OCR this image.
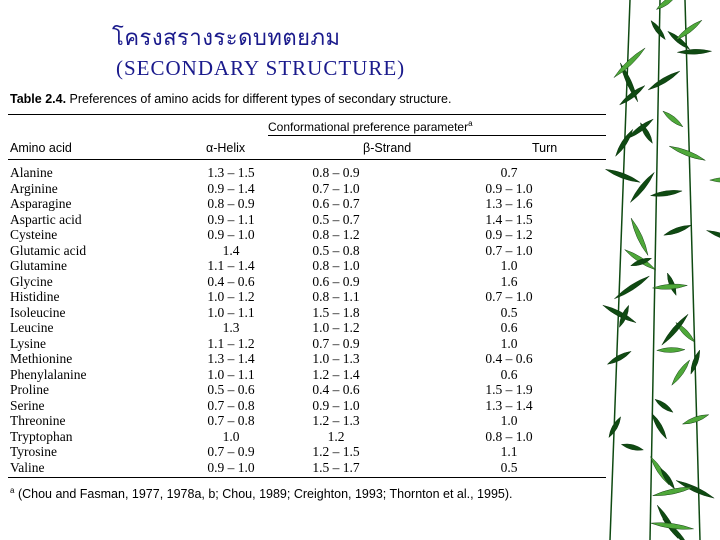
โครงสรางระดบทตยภม
(SECONDARY STRUCTURE)
Table 2.4. Preferences of amino acids for different types of secondary structure.
Conformational preference parameter$^a$
Amino acid	α-Helix	β-Strand	Turn
Alanine	1.3 – 1.5	0.8 – 0.9	0.7
Arginine	0.9 – 1.4	0.7 – 1.0	0.9 – 1.0
Asparagine	0.8 – 0.9	0.6 – 0.7	1.3 – 1.6
Aspartic acid	0.9 – 1.1	0.5 – 0.7	1.4 – 1.5
Cysteine	0.9 – 1.0	0.8 – 1.2	0.9 – 1.2
Glutamic acid	1.4	0.5 – 0.8	0.7 – 1.0
Glutamine	1.1 – 1.4	0.8 – 1.0	1.0
Glycine	0.4 – 0.6	0.6 – 0.9	1.6
Histidine	1.0 – 1.2	0.8 – 1.1	0.7 – 1.0
Isoleucine	1.0 – 1.1	1.5 – 1.8	0.5
Leucine	1.3	1.0 – 1.2	0.6
Lysine	1.1 – 1.2	0.7 – 0.9	1.0
Methionine	1.3 – 1.4	1.0 – 1.3	0.4 – 0.6
Phenylalanine	1.0 – 1.1	1.2 – 1.4	0.6
Proline	0.5 – 0.6	0.4 – 0.6	1.5 – 1.9
Serine	0.7 – 0.8	0.9 – 1.0	1.3 – 1.4
Threonine	0.7 – 0.8	1.2 – 1.3	1.0
Tryptophan	1.0	1.2	0.8 – 1.0
Tyrosine	0.7 – 0.9	1.2 – 1.5	1.1
Valine	0.9 – 1.0	1.5 – 1.7	0.5
$^a$ (Chou and Fasman, 1977, 1978a, b; Chou, 1989; Creighton, 1993; Thornton et al., 1995).
